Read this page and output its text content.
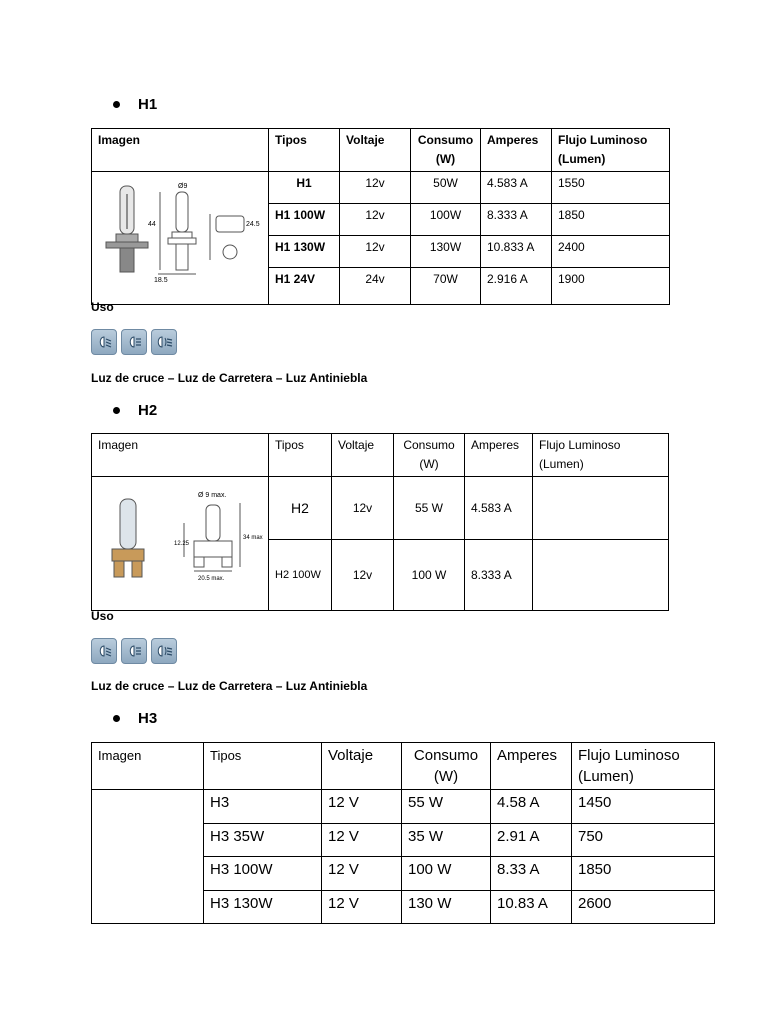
H1
Imagen	Tipos	Voltaje	Consumo (W)	Amperes	Flujo Luminoso (Lumen)

Ø9
44 24.5
18.5	H1	12v	50W	4.583 A	1550
	H1 100W	12v	100W	8.333 A	1850
	H1 130W	12v	130W	10.833 A	2400
	H1 24V	24v	70W	2.916 A	1900
Uso
Luz de cruce – Luz de Carretera – Luz Antiniebla
H2
Imagen	Tipos	Voltaje	Consumo (W)	Amperes	Flujo Luminoso (Lumen)

Ø 9 max.
12.25
34 max.
20.5 max.	H2	12v	55 W	4.583 A	
	H2 100W	12v	100 W	8.333 A	
Uso
Luz de cruce – Luz de Carretera – Luz Antiniebla
H3
Imagen	Tipos	Voltaje	Consumo (W)	Amperes	Flujo Luminoso (Lumen)
	H3	12 V	55 W	4.58 A	1450
	H3 35W	12 V	35 W	2.91 A	750
	H3 100W	12 V	100 W	8.33 A	1850
	H3 130W	12 V	130 W	10.83 A	2600
